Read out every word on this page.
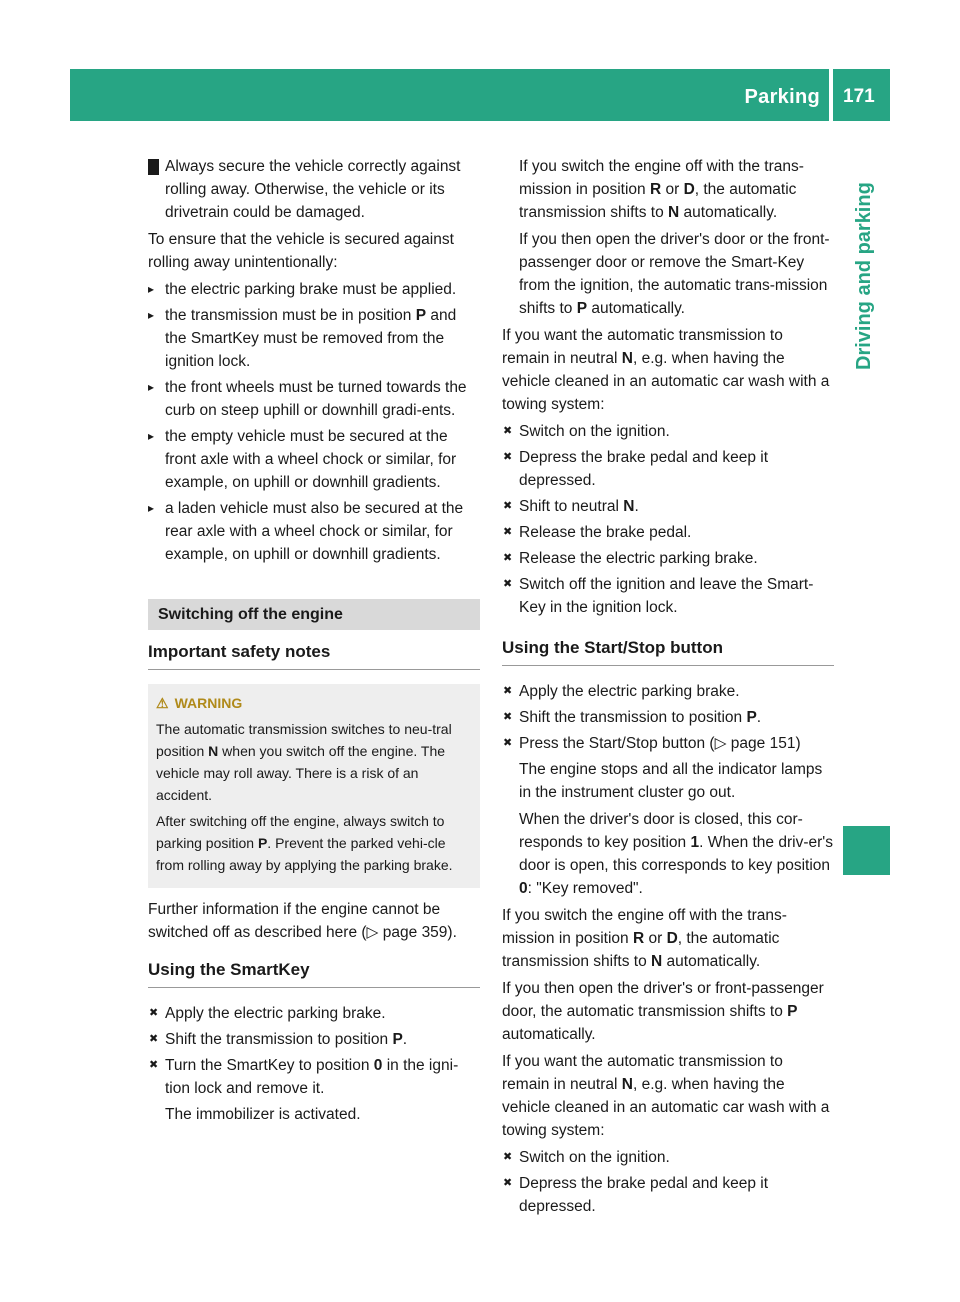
Parking 171
Driving and parking

! Always secure the vehicle correctly against rolling away. Otherwise, the vehicle or its drivetrain could be damaged.

To ensure that the vehicle is secured against rolling away unintentionally:

▸ the electric parking brake must be applied.
▸ the transmission must be in position P and the SmartKey must be removed from the ignition lock.
▸ the front wheels must be turned towards the curb on steep uphill or downhill gradi-ents.
▸ the empty vehicle must be secured at the front axle with a wheel chock or similar, for example, on uphill or downhill gradients.
▸ a laden vehicle must also be secured at the rear axle with a wheel chock or similar, for example, on uphill or downhill gradients.
Switching off the engine
Important safety notes
⚠ WARNING

The automatic transmission switches to neu-tral position N when you switch off the engine. The vehicle may roll away. There is a risk of an accident.

After switching off the engine, always switch to parking position P. Prevent the parked vehi-cle from rolling away by applying the parking brake.

Further information if the engine cannot be switched off as described here (▷ page 359).

Using the SmartKey
✖ Apply the electric parking brake.
✖ Shift the transmission to position P.
✖ Turn the SmartKey to position 0 in the igni-tion lock and remove it.

The immobilizer is activated.

If you switch the engine off with the trans-mission in position R or D, the automatic transmission shifts to N automatically.

If you then open the driver's door or the front-passenger door or remove the Smart-Key from the ignition, the automatic trans-mission shifts to P automatically.

If you want the automatic transmission to remain in neutral N, e.g. when having the vehicle cleaned in an automatic car wash with a towing system:

✖ Switch on the ignition.
✖ Depress the brake pedal and keep it depressed.
✖ Shift to neutral N.
✖ Release the brake pedal.
✖ Release the electric parking brake.
✖ Switch off the ignition and leave the Smart-Key in the ignition lock.
Using the Start/Stop button
✖ Apply the electric parking brake.
✖ Shift the transmission to position P.
✖ Press the Start/Stop button (▷ page 151)

The engine stops and all the indicator lamps in the instrument cluster go out.

When the driver's door is closed, this cor-responds to key position 1. When the driv-er's door is open, this corresponds to key position 0: "Key removed".

If you switch the engine off with the trans-mission in position R or D, the automatic transmission shifts to N automatically.

If you then open the driver's or front-passenger door, the automatic transmission shifts to P automatically.

If you want the automatic transmission to remain in neutral N, e.g. when having the vehicle cleaned in an automatic car wash with a towing system:

✖ Switch on the ignition.
✖ Depress the brake pedal and keep it depressed.
